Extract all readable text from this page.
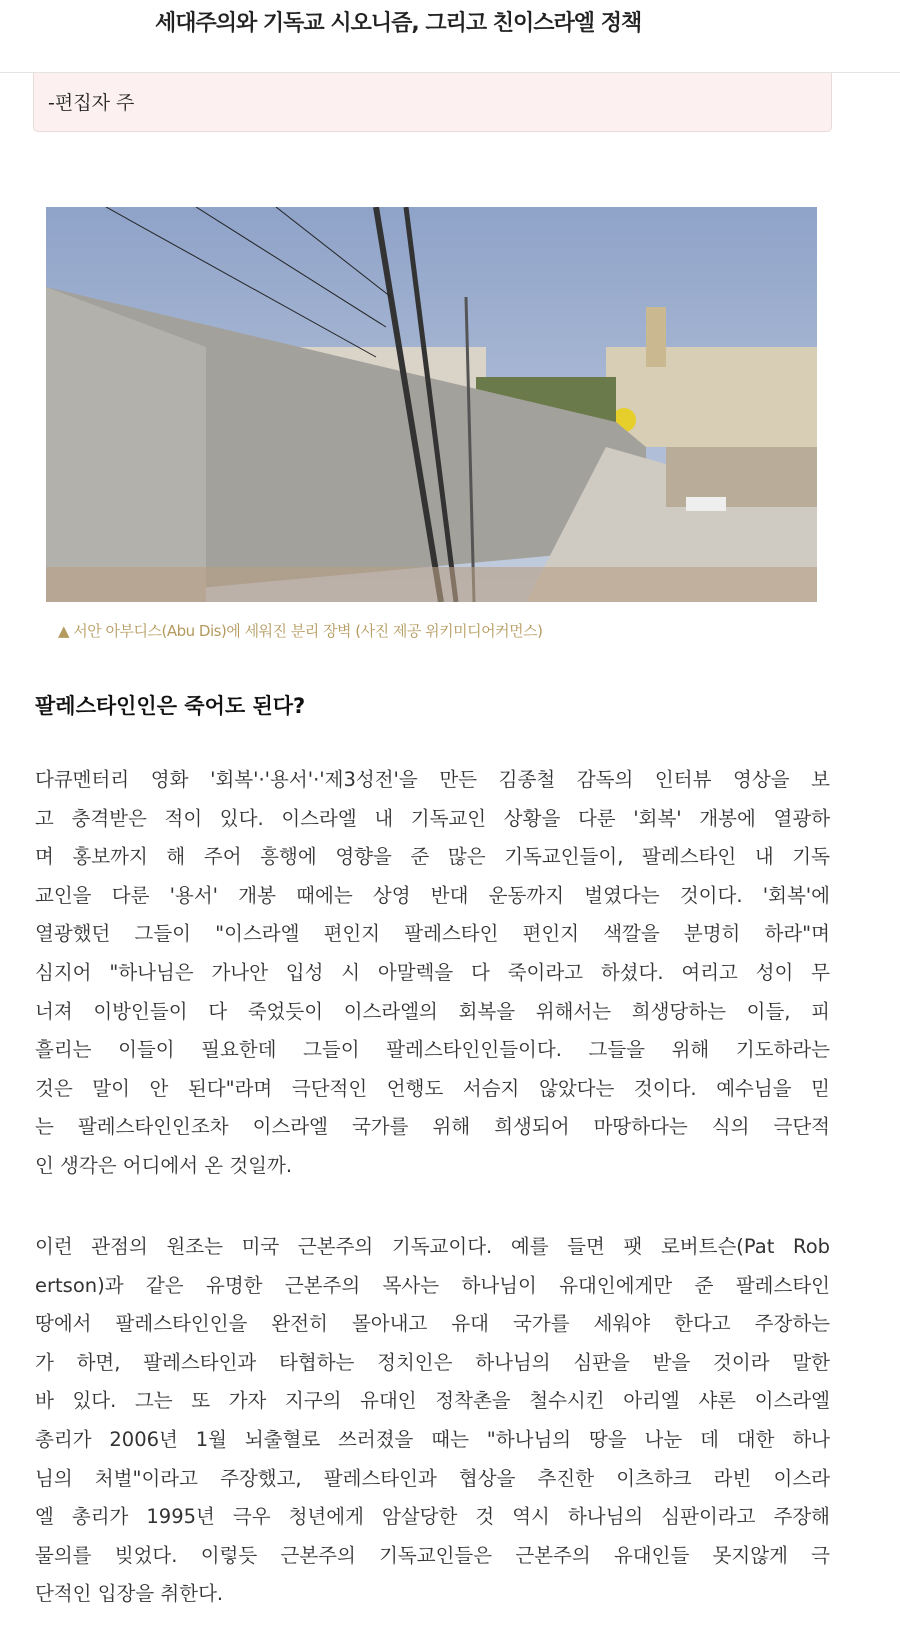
세대주의와 기독교 시오니즘, 그리고 친이스라엘 정책
-편집자 주
▲ 서안 아부디스(Abu Dis)에 세워진 분리 장벽 (사진 제공 위키미디어커먼스)
팔레스타인인은 죽어도 된다?
다큐멘터리 영화 '회복'·'용서'·'제3성전'을 만든 김종철 감독의 인터뷰 영상을 보
고 충격받은 적이 있다. 이스라엘 내 기독교인 상황을 다룬 '회복' 개봉에 열광하
며 홍보까지 해 주어 흥행에 영향을 준 많은 기독교인들이, 팔레스타인 내 기독
교인을 다룬 '용서' 개봉 때에는 상영 반대 운동까지 벌였다는 것이다. '회복'에
열광했던 그들이 "이스라엘 편인지 팔레스타인 편인지 색깔을 분명히 하라"며
심지어 "하나님은 가나안 입성 시 아말렉을 다 죽이라고 하셨다. 여리고 성이 무
너져 이방인들이 다 죽었듯이 이스라엘의 회복을 위해서는 희생당하는 이들, 피
흘리는 이들이 필요한데 그들이 팔레스타인인들이다. 그들을 위해 기도하라는
것은 말이 안 된다"라며 극단적인 언행도 서슴지 않았다는 것이다. 예수님을 믿
는 팔레스타인인조차 이스라엘 국가를 위해 희생되어 마땅하다는 식의 극단적
인 생각은 어디에서 온 것일까.
이런 관점의 원조는 미국 근본주의 기독교이다. 예를 들면 팻 로버트슨(Pat Rob
ertson)과 같은 유명한 근본주의 목사는 하나님이 유대인에게만 준 팔레스타인
땅에서 팔레스타인인을 완전히 몰아내고 유대 국가를 세워야 한다고 주장하는
가 하면, 팔레스타인과 타협하는 정치인은 하나님의 심판을 받을 것이라 말한
바 있다. 그는 또 가자 지구의 유대인 정착촌을 철수시킨 아리엘 샤론 이스라엘
총리가 2006년 1월 뇌출혈로 쓰러졌을 때는 "하나님의 땅을 나눈 데 대한 하나
님의 처벌"이라고 주장했고, 팔레스타인과 협상을 추진한 이츠하크 라빈 이스라
엘 총리가 1995년 극우 청년에게 암살당한 것 역시 하나님의 심판이라고 주장해
물의를 빚었다. 이렇듯 근본주의 기독교인들은 근본주의 유대인들 못지않게 극
단적인 입장을 취한다.
